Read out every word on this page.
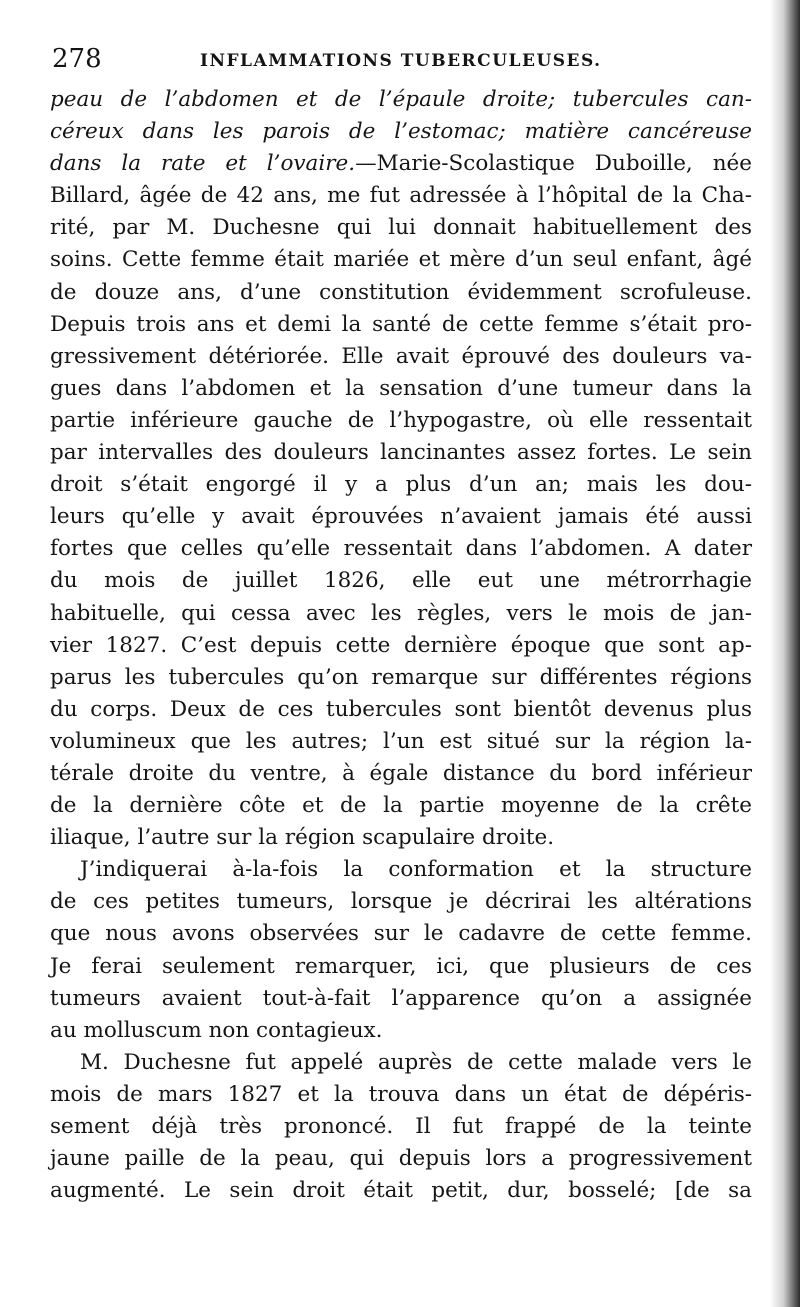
278	INFLAMMATIONS TUBERCULEUSES.
peau de l’abdomen et de l’épaule droite; tubercules can-
céreux dans les parois de l’estomac; matière cancéreuse
dans la rate et l’ovaire.—Marie-Scolastique Duboille, née
Billard, âgée de 42 ans, me fut adressée à l’hôpital de la Cha-
rité, par M. Duchesne qui lui donnait habituellement des
soins. Cette femme était mariée et mère d’un seul enfant, âgé
de douze ans, d’une constitution évidemment scrofuleuse.
Depuis trois ans et demi la santé de cette femme s’était pro-
gressivement détériorée. Elle avait éprouvé des douleurs va-
gues dans l’abdomen et la sensation d’une tumeur dans la
partie inférieure gauche de l’hypogastre, où elle ressentait
par intervalles des douleurs lancinantes assez fortes. Le sein
droit s’était engorgé il y a plus d’un an; mais les dou-
leurs qu’elle y avait éprouvées n’avaient jamais été aussi
fortes que celles qu’elle ressentait dans l’abdomen. A dater
du mois de juillet 1826, elle eut une métrorrhagie
habituelle, qui cessa avec les règles, vers le mois de jan-
vier 1827. C’est depuis cette dernière époque que sont ap-
parus les tubercules qu’on remarque sur différentes régions
du corps. Deux de ces tubercules sont bientôt devenus plus
volumineux que les autres; l’un est situé sur la région la-
térale droite du ventre, à égale distance du bord inférieur
de la dernière côte et de la partie moyenne de la crête
iliaque, l’autre sur la région scapulaire droite.
J’indiquerai à-la-fois la conformation et la structure
de ces petites tumeurs, lorsque je décrirai les altérations
que nous avons observées sur le cadavre de cette femme.
Je ferai seulement remarquer, ici, que plusieurs de ces
tumeurs avaient tout-à-fait l’apparence qu’on a assignée
au molluscum non contagieux.
M. Duchesne fut appelé auprès de cette malade vers le
mois de mars 1827 et la trouva dans un état de dépéris-
sement déjà très prononcé. Il fut frappé de la teinte
jaune paille de la peau, qui depuis lors a progressivement
augmenté. Le sein droit était petit, dur, bosselé; [de sa
